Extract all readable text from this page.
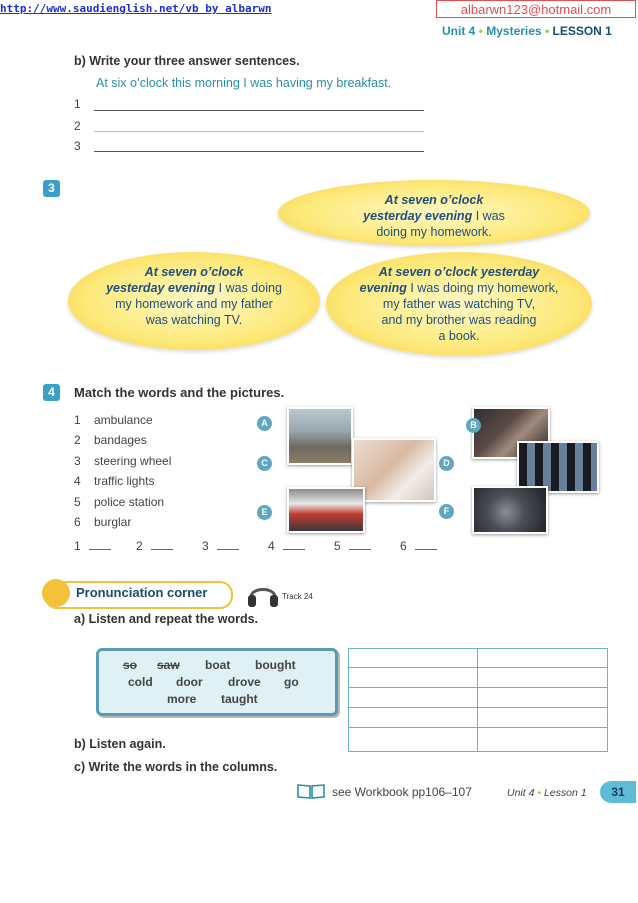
http://www.saudienglish.net/vb by albarwn	albarwn123@hotmail.com
Unit 4 • Mysteries • LESSON 1
b) Write your three answer sentences.
At six o’clock this morning I was having my breakfast.
1
2
3
3
At seven o’clock
yesterday evening I was
doing my homework.
At seven o’clock
yesterday evening I was doing
my homework and my father
was watching TV.
At seven o’clock yesterday
evening I was doing my homework,
my father was watching TV,
and my brother was reading
a book.
4	Match the words and the pictures.
1 ambulance
2 bandages
3 steering wheel
4 traffic lights
5 police station
6 burglar
A
C
E
B
D
F
1	2	3	4	5	6
Pronunciation corner	Track 24
a) Listen and repeat the words.
so saw boat bought
cold door drove go
more taught
b) Listen again.
c) Write the words in the columns.
see Workbook pp106–107	Unit 4 • Lesson 1	31
